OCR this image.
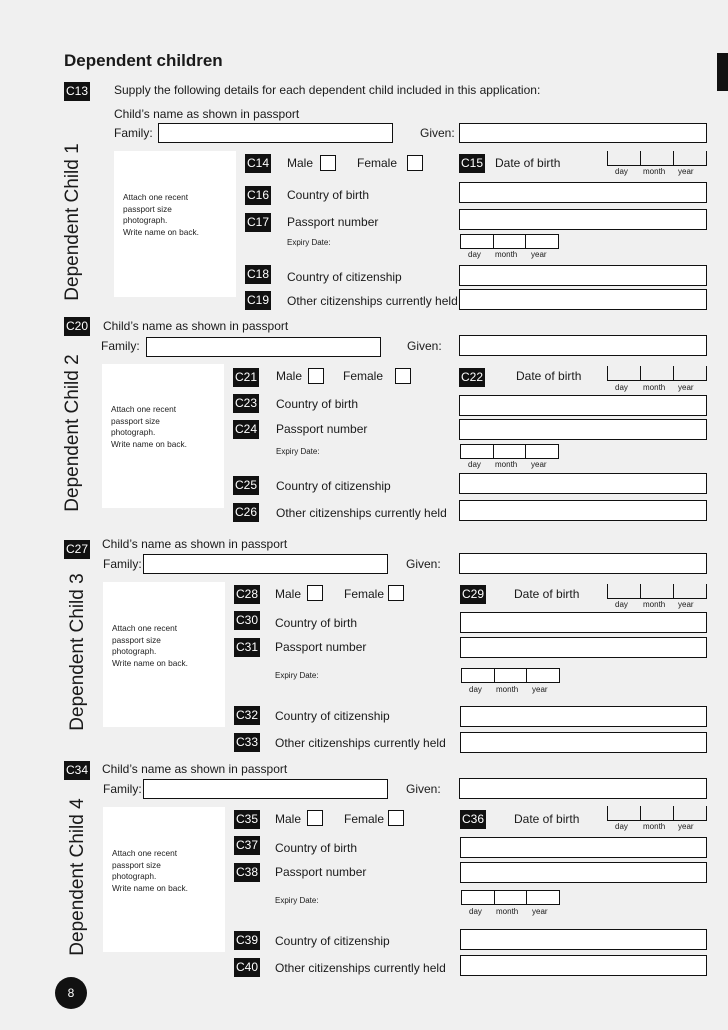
Dependent children
Dependent Child 1
C13 Supply the following details for each dependent child included in this application:
Child’s name as shown in passport
Family:	Given:
Attach one recent
passport size
photograph.
Write name on back.
C14 Male	Female	C15 Date of birth
day month year
C16 Country of birth
C17 Passport number
Expiry Date:
day month year
C18 Country of citizenship
C19 Other citizenships currently held
Dependent Child 2
C20 Child’s name as shown in passport
Family:	Given:
Attach one recent
passport size
photograph.
Write name on back.
C21 Male	Female	C22	Date of birth
day month year
C23 Country of birth
C24 Passport number
Expiry Date:
day month year
C25 Country of citizenship
C26 Other citizenships currently held
Dependent Child 3
C27 Child’s name as shown in passport
Family:	Given:
Attach one recent
passport size
photograph.
Write name on back.
C28 Male	Female	C29 Date of birth
day month year
C30 Country of birth
C31 Passport number
Expiry Date:
day month year
C32 Country of citizenship
C33 Other citizenships currently held
Dependent Child 4
C34 Child’s name as shown in passport
Family:	Given:
Attach one recent
passport size
photograph.
Write name on back.
C35 Male	Female	C36 Date of birth
day month year
C37 Country of birth
C38 Passport number
Expiry Date:
day month year
C39 Country of citizenship
C40 Other citizenships currently held
8
